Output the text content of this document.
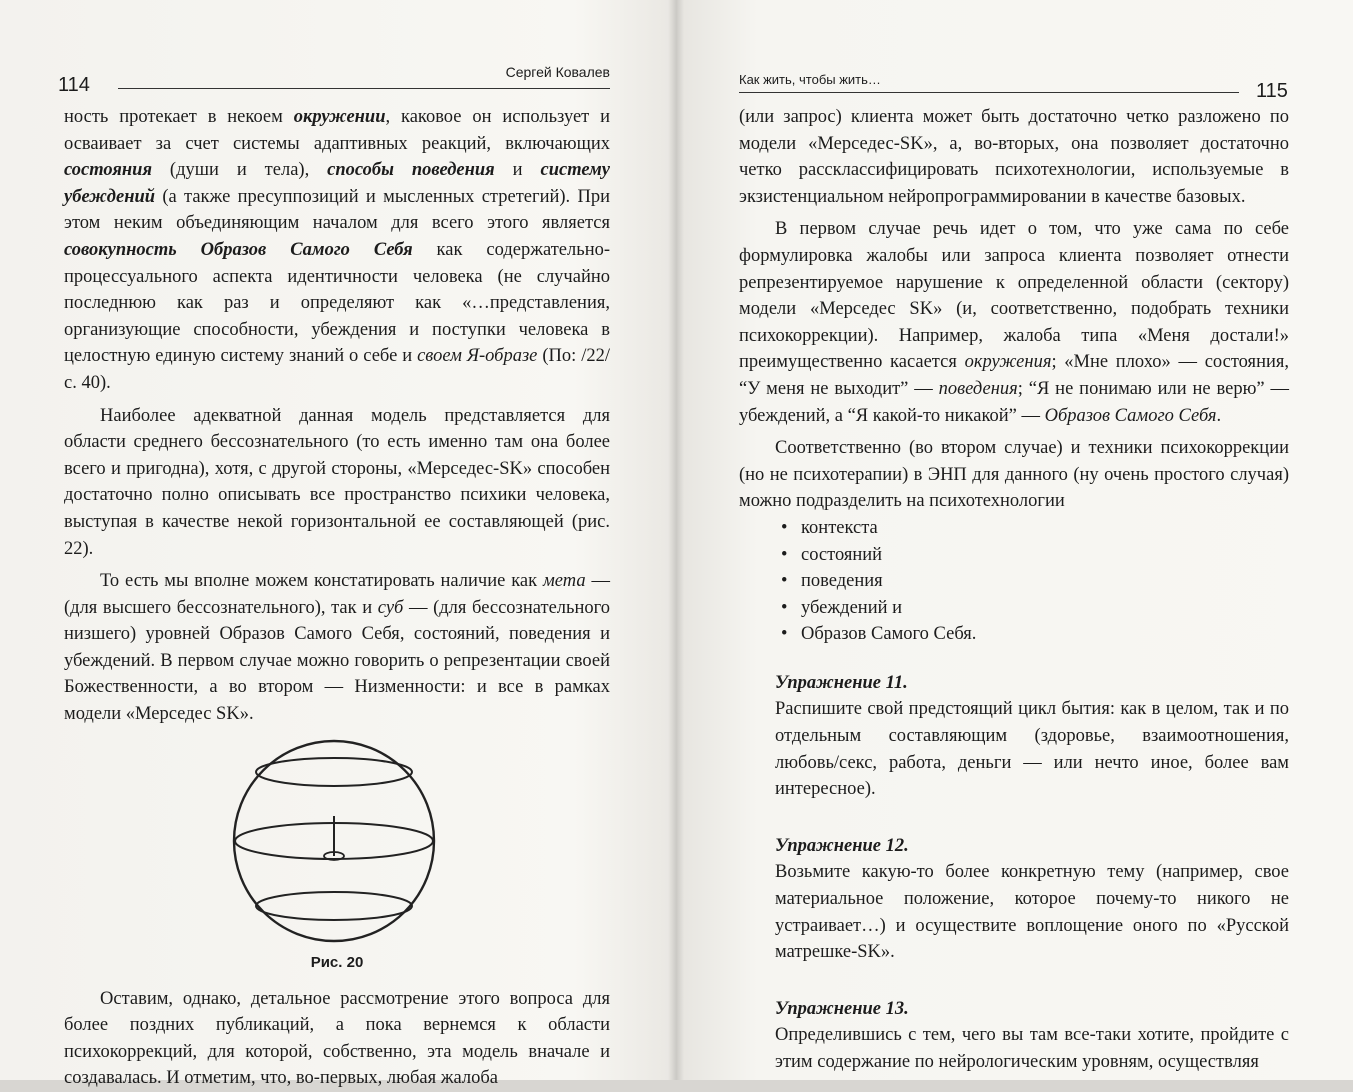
114
Сергей Ковалев

ность протекает в некоем окружении, каковое он использует и осваивает за счет системы адаптивных реакций, включающих состояния (души и тела), способы поведения и систему убеждений (а также пресуппозиций и мысленных стретегий). При этом неким объединяющим началом для всего этого является совокупность Образов Самого Себя как содержательно-процессуального аспекта идентичности человека (не случайно последнюю как раз и определяют как «…представления, организующие способности, убеждения и поступки человека в целостную единую систему знаний о себе и своем Я-образе (По: /22/ с. 40).

Наиболее адекватной данная модель представляется для области среднего бессознательного (то есть именно там она более всего и пригодна), хотя, с другой стороны, «Мерседес-SK» способен достаточно полно описывать все пространство психики человека, выступая в качестве некой горизонтальной ее составляющей (рис. 22).

То есть мы вполне можем констатировать наличие как мета — (для высшего бессознательного), так и суб — (для бессознательного низшего) уровней Образов Самого Себя, состояний, поведения и убеждений. В первом случае можно говорить о репрезентации своей Божественности, а во втором — Низменности: и все в рамках модели «Мерседес SK».

Рис. 20

Оставим, однако, детальное рассмотрение этого вопроса для более поздних публикаций, а пока вернемся к области психокоррекций, для которой, собственно, эта модель вначале и создавалась. И отметим, что, во-первых, любая жалоба

Как жить, чтобы жить…
115

(или запрос) клиента может быть достаточно четко разложено по модели «Мерседес-SK», а, во-вторых, она позволяет достаточно четко рассклассифицировать психотехнологии, используемые в экзистенциальном нейропрограммировании в качестве базовых.

В первом случае речь идет о том, что уже сама по себе формулировка жалобы или запроса клиента позволяет отнести репрезентируемое нарушение к определенной области (сектору) модели «Мерседес SK» (и, соответственно, подобрать техники психокоррекции). Например, жалоба типа «Меня достали!» преимущественно касается окружения; «Мне плохо» — состояния, “У меня не выходит” — поведения; “Я не понимаю или не верю” — убеждений, а “Я какой-то никакой” — Образов Самого Себя.

Соответственно (во втором случае) и техники психокоррекции (но не психотерапии) в ЭНП для данного (ну очень простого случая) можно подразделить на психотехнологии

• контекста
• состояний
• поведения
• убеждений и
• Образов Самого Себя.
Упражнение 11.
Распишите свой предстоящий цикл бытия: как в целом, так и по отдельным составляющим (здоровье, взаимоотношения, любовь/секс, работа, деньги — или нечто иное, более вам интересное).
Упражнение 12.
Возьмите какую-то более конкретную тему (например, свое материальное положение, которое почему-то никого не устраивает…) и осуществите воплощение оного по «Русской матрешке-SK».
Упражнение 13.
Определившись с тем, чего вы там все-таки хотите, пройдите с этим содержание по нейрологическим уровням, осуществляя
